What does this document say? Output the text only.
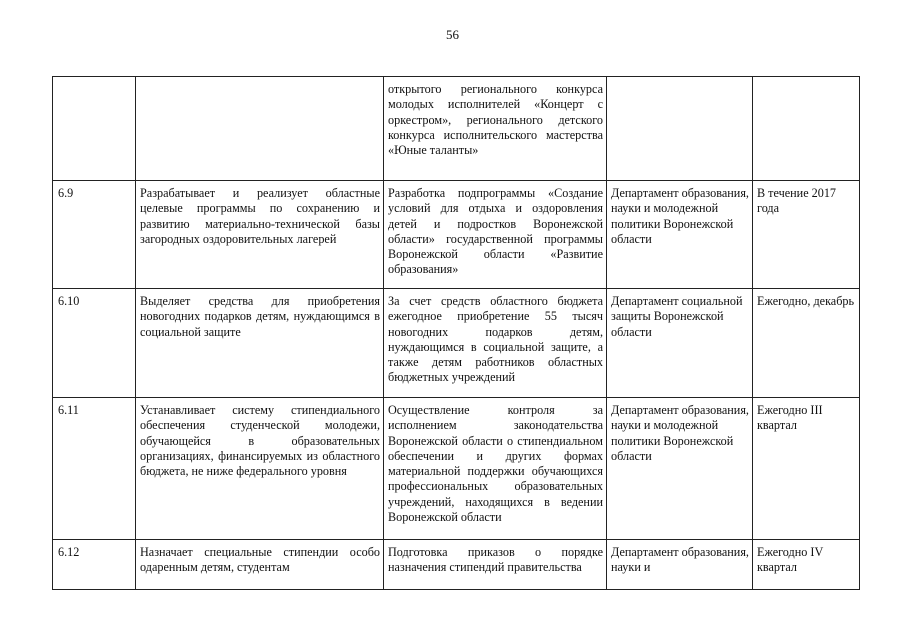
56
		открытого регионального конкурса молодых исполнителей «Концерт с оркестром», регионального детского конкурса исполнительского мастерства «Юные таланты»		
6.9	Разрабатывает и реализует областные целевые программы по сохранению и развитию материально-технической базы загородных оздоровительных лагерей	Разработка подпрограммы «Создание условий для отдыха и оздоровления детей и подростков Воронежской области» государственной программы Воронежской области «Развитие образования»	Департамент образования, науки и молодежной политики Воронежской области	В течение 2017 года
6.10	Выделяет средства для приобретения новогодних подарков детям, нуждающимся в социальной защите	За счет средств областного бюджета ежегодное приобретение 55 тысяч новогодних подарков детям, нуждающимся в социальной защите, а также детям работников областных бюджетных учреждений	Департамент социальной защиты Воронежской области	Ежегодно, декабрь
6.11	Устанавливает систему стипендиального обеспечения студенческой молодежи, обучающейся в образовательных организациях, финансируемых из областного бюджета, не ниже федерального уровня	Осуществление контроля за исполнением законодательства Воронежской области о стипендиальном обеспечении и других формах материальной поддержки обучающихся профессиональных образовательных учреждений, находящихся в ведении Воронежской области	Департамент образования, науки и молодежной политики Воронежской области	Ежегодно III квартал
6.12	Назначает специальные стипендии особо одаренным детям, студентам	Подготовка приказов о порядке назначения стипендий правительства	Департамент образования, науки и	Ежегодно IV квартал
